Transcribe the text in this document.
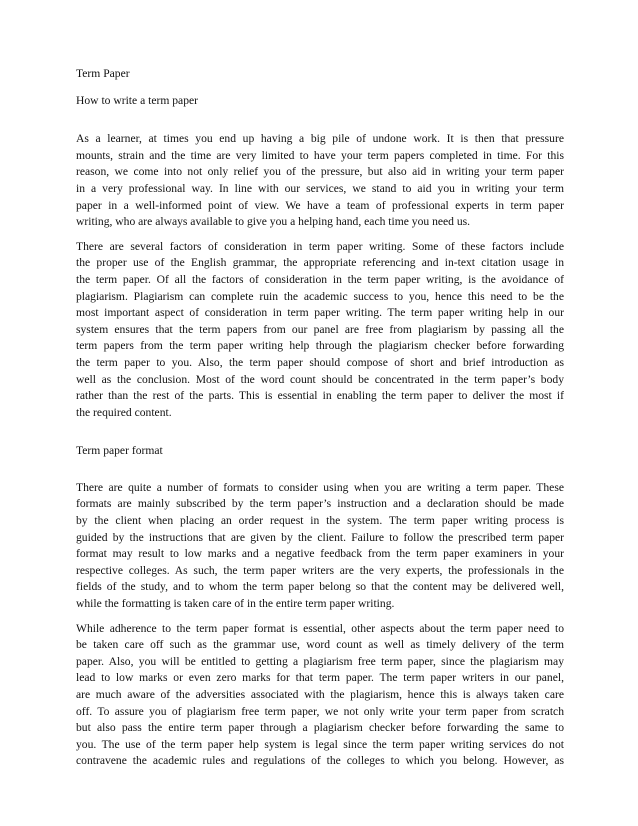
Term Paper
How to write a term paper
As a learner, at times you end up having a big pile of undone work. It is then that pressure
mounts, strain and the time are very limited to have your term papers completed in time. For this
reason, we come into not only relief you of the pressure, but also aid in writing your term paper
in a very professional way. In line with our services, we stand to aid you in writing your term
paper in a well-informed point of view. We have a team of professional experts in term paper
writing, who are always available to give you a helping hand, each time you need us.
There are several factors of consideration in term paper writing. Some of these factors include
the proper use of the English grammar, the appropriate referencing and in-text citation usage in
the term paper. Of all the factors of consideration in the term paper writing, is the avoidance of
plagiarism. Plagiarism can complete ruin the academic success to you, hence this need to be the
most important aspect of consideration in term paper writing. The term paper writing help in our
system ensures that the term papers from our panel are free from plagiarism by passing all the
term papers from the term paper writing help through the plagiarism checker before forwarding
the term paper to you. Also, the term paper should compose of short and brief introduction as
well as the conclusion. Most of the word count should be concentrated in the term paper’s body
rather than the rest of the parts. This is essential in enabling the term paper to deliver the most if
the required content.
Term paper format
There are quite a number of formats to consider using when you are writing a term paper. These
formats are mainly subscribed by the term paper’s instruction and a declaration should be made
by the client when placing an order request in the system. The term paper writing process is
guided by the instructions that are given by the client. Failure to follow the prescribed term paper
format may result to low marks and a negative feedback from the term paper examiners in your
respective colleges. As such, the term paper writers are the very experts, the professionals in the
fields of the study, and to whom the term paper belong so that the content may be delivered well,
while the formatting is taken care of in the entire term paper writing.
While adherence to the term paper format is essential, other aspects about the term paper need to
be taken care off such as the grammar use, word count as well as timely delivery of the term
paper. Also, you will be entitled to getting a plagiarism free term paper, since the plagiarism may
lead to low marks or even zero marks for that term paper. The term paper writers in our panel,
are much aware of the adversities associated with the plagiarism, hence this is always taken care
off. To assure you of plagiarism free term paper, we not only write your term paper from scratch
but also pass the entire term paper through a plagiarism checker before forwarding the same to
you. The use of the term paper help system is legal since the term paper writing services do not
contravene the academic rules and regulations of the colleges to which you belong. However, as
